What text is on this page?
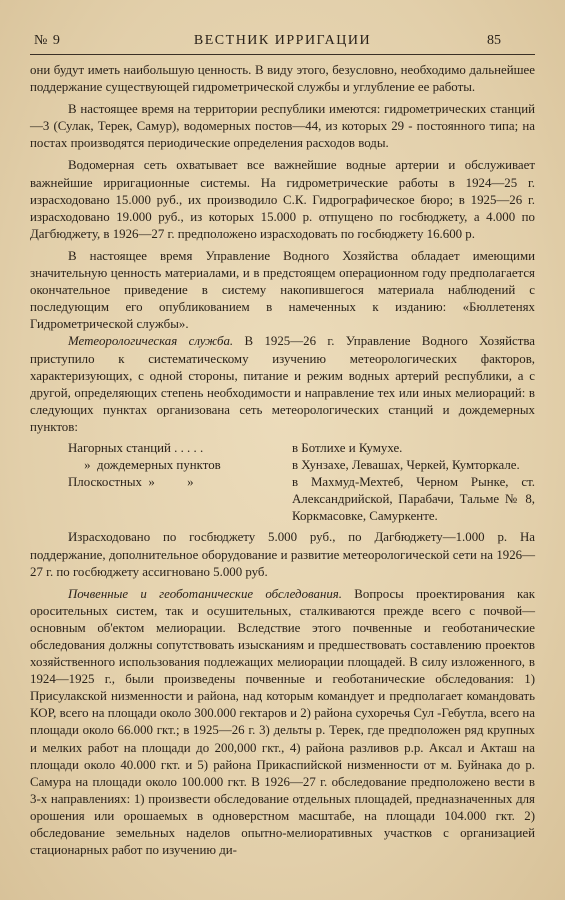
№ 9	ВЕСТНИК ИРРИГАЦИИ	85

они будут иметь наибольшую ценность. В виду этого, безусловно, необходимо дальнейшее поддержание существующей гидрометрической службы и углубление ее работы.

В настоящее время на территории республики имеются: гидрометрических станций—3 (Сулак, Терек, Самур), водомерных постов—44, из которых 29 - постоянного типа; на постах производятся периодические определения расходов воды.

Водомерная сеть охватывает все важнейшие водные артерии и обслуживает важнейшие ирригационные системы. На гидрометрические работы в 1924—25 г. израсходовано 15.000 руб., их производило С.К. Гидрографическое бюро; в 1925—26 г. израсходовано 19.000 руб., из которых 15.000 р. отпущено по госбюджету, а 4.000 по Дагбюджету, в 1926—27 г. предположено израсходовать по госбюджету 16.600 р.

В настоящее время Управление Водного Хозяйства обладает имеющими значительную ценность материалами, и в предстоящем операционном году предполагается окончательное приведение в систему накопившегося материала наблюдений с последующим его опубликованием в намеченных к изданию: «Бюллетенях Гидрометрической службы».

Метеорологическая служба. В 1925—26 г. Управление Водного Хозяйства приступило к систематическому изучению метеорологических факторов, характеризующих, с одной стороны, питание и режим водных артерий республики, а с другой, определяющих степень необходимости и направление тех или иных мелиораций: в следующих пунктах организована сеть метеорологических станций и дождемерных пунктов:

Нагорных станций . . . . .	в Ботлихе и Кумухе.
»  дождемерных пунктов	в Хунзахе, Левашах, Черкей, Кумторкале.
Плоскостных  »          »	в Махмуд-Мехтеб, Черном Рынке, ст. Александрийской, Парабачи, Тальме № 8, Коркмасовке, Самуркенте.

Израсходовано по госбюджету 5.000 руб., по Дагбюджету—1.000 р. На поддержание, дополнительное оборудование и развитие метеорологической сети на 1926—27 г. по госбюджету ассигновано 5.000 руб.

Почвенные и геоботанические обследования. Вопросы проектирования как оросительных систем, так и осушительных, сталкиваются прежде всего с почвой—основным об'ектом мелиорации. Вследствие этого почвенные и геоботанические обследования должны сопутствовать изысканиям и предшествовать составлению проектов хозяйственного использования подлежащих мелиорации площадей. В силу изложенного, в 1924—1925 г., были произведены почвенные и геоботанические обследования: 1) Присулакской низменности и района, над которым командует и предполагает командовать КОР, всего на площади около 300.000 гектаров и 2) района сухоречья Сул -Гебутла, всего на площади около 66.000 гкт.; в 1925—26 г. 3) дельты р. Терек, где предположен ряд крупных и мелких работ на площади до 200,000 гкт., 4) района разливов р.р. Аксал и Акташ на площади около 40.000 гкт. и 5) района Прикаспийской низменности от м. Буйнака до р. Самура на площади около 100.000 гкт. В 1926—27 г. обследование предположено вести в 3-х направлениях: 1) произвести обследование отдельных площадей, предназначенных для орошения или орошаемых в одноверстном масштабе, на площади 104.000 гкт. 2) обследование земельных наделов опытно-мелиоративных участков с организацией стационарных работ по изучению ди-
